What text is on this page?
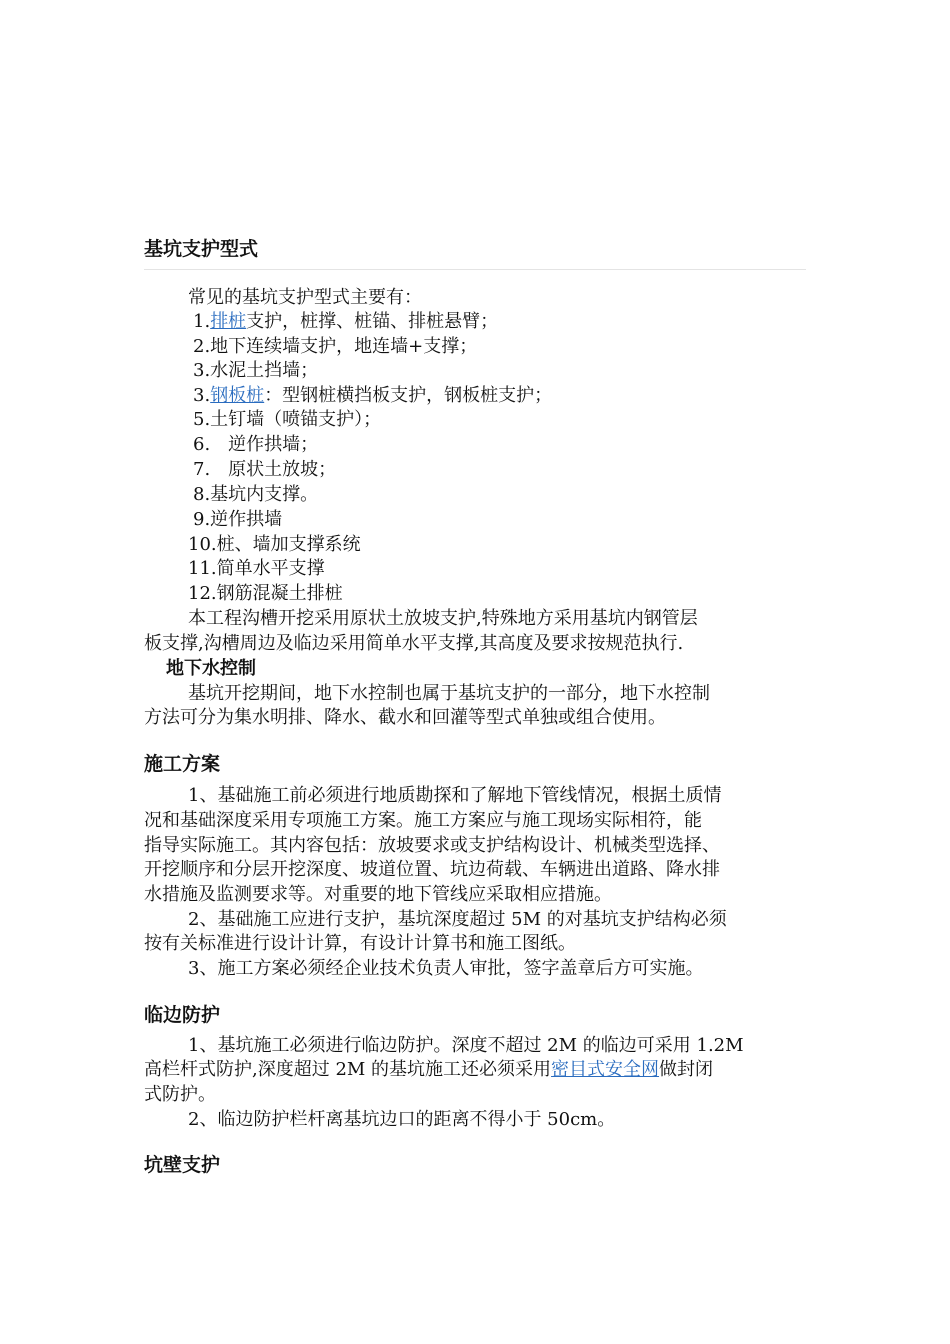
基坑支护型式
常见的基坑支护型式主要有：
1.排桩支护，桩撑、桩锚、排桩悬臂；
2.地下连续墙支护，地连墙+支撑；
3.水泥土挡墙；
3.钢板桩：型钢桩横挡板支护，钢板桩支护；
5.土钉墙（喷锚支护）；
6.　逆作拱墙；
7.　原状土放坡；
8.基坑内支撑。
9.逆作拱墙
10.桩、墙加支撑系统
11.简单水平支撑
12.钢筋混凝土排桩
本工程沟槽开挖采用原状土放坡支护,特殊地方采用基坑内钢管层
板支撑,沟槽周边及临边采用简单水平支撑,其高度及要求按规范执行.
地下水控制
基坑开挖期间，地下水控制也属于基坑支护的一部分，地下水控制
方法可分为集水明排、降水、截水和回灌等型式单独或组合使用。
施工方案
1、基础施工前必须进行地质勘探和了解地下管线情况，根据土质情
况和基础深度采用专项施工方案。施工方案应与施工现场实际相符，能
指导实际施工。其内容包括：放坡要求或支护结构设计、机械类型选择、
开挖顺序和分层开挖深度、坡道位置、坑边荷载、车辆进出道路、降水排
水措施及监测要求等。对重要的地下管线应采取相应措施。
2、基础施工应进行支护，基坑深度超过 5M 的对基坑支护结构必须
按有关标准进行设计计算，有设计计算书和施工图纸。
3、施工方案必须经企业技术负责人审批，签字盖章后方可实施。
临边防护
1、基坑施工必须进行临边防护。深度不超过 2M 的临边可采用 1.2M
高栏杆式防护,深度超过 2M 的基坑施工还必须采用密目式安全网做封闭
式防护。
2、临边防护栏杆离基坑边口的距离不得小于 50cm。
坑壁支护
